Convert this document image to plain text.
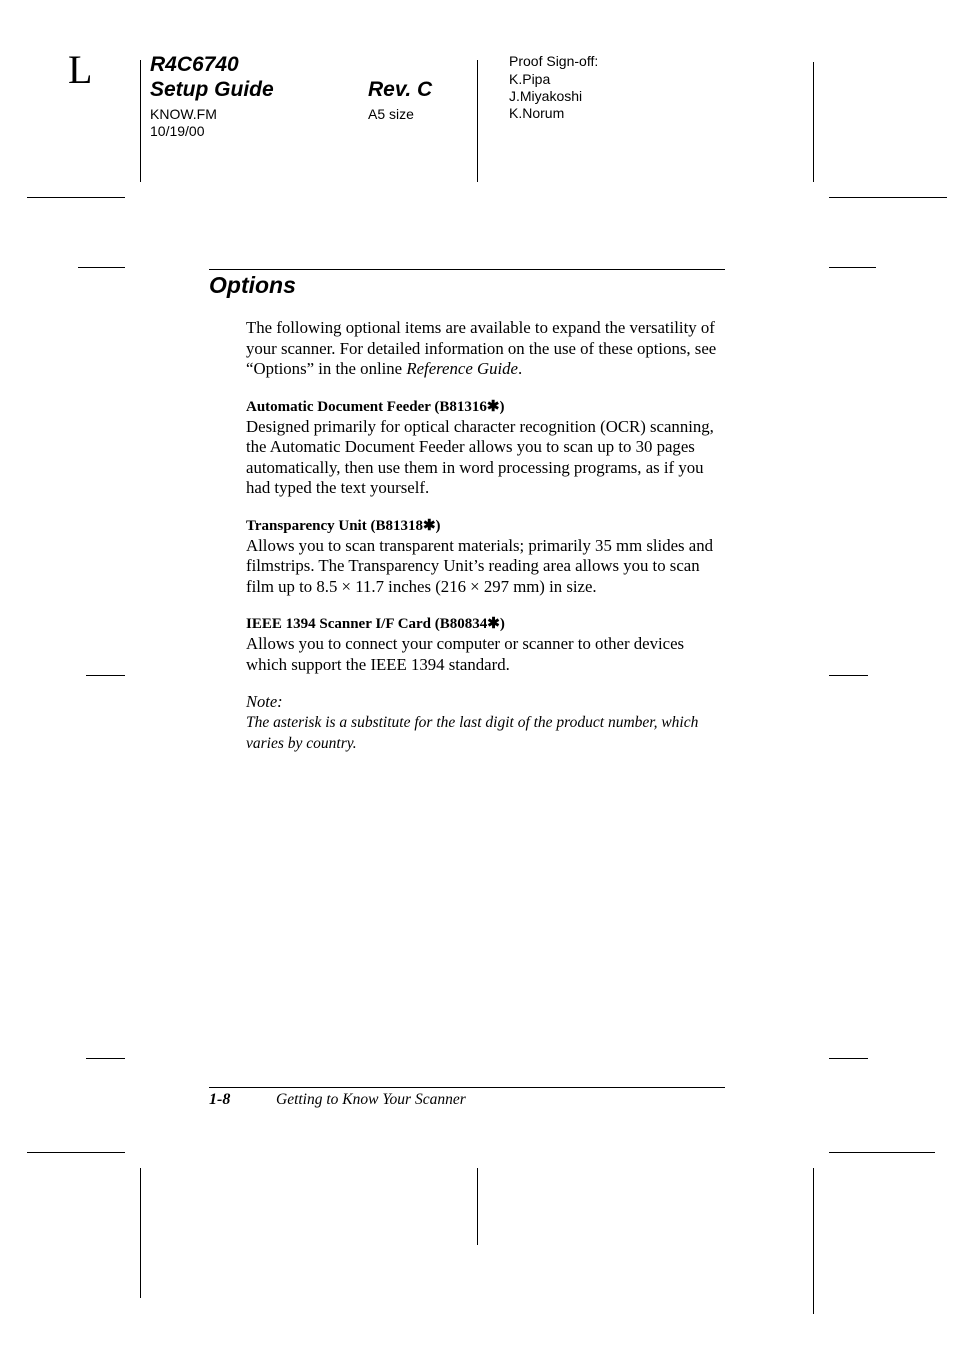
L	R4C6740
Setup Guide	Rev. C
KNOW.FM
10/19/00
A5 size
Proof Sign-off:
K.Pipa
J.Miyakoshi
K.Norum
Options

The following optional items are available to expand the versatility of your scanner. For detailed information on the use of these options, see “Options” in the online Reference Guide.

Automatic Document Feeder (B81316✱)

Designed primarily for optical character recognition (OCR) scanning, the Automatic Document Feeder allows you to scan up to 30 pages automatically, then use them in word processing programs, as if you had typed the text yourself.

Transparency Unit (B81318✱)

Allows you to scan transparent materials; primarily 35 mm slides and filmstrips. The Transparency Unit’s reading area allows you to scan film up to 8.5 × 11.7 inches (216 × 297 mm) in size.

IEEE 1394 Scanner I/F Card (B80834✱)

Allows you to connect your computer or scanner to other devices which support the IEEE 1394 standard.

Note:

The asterisk is a substitute for the last digit of the product number, which varies by country.

1-8	Getting to Know Your Scanner
